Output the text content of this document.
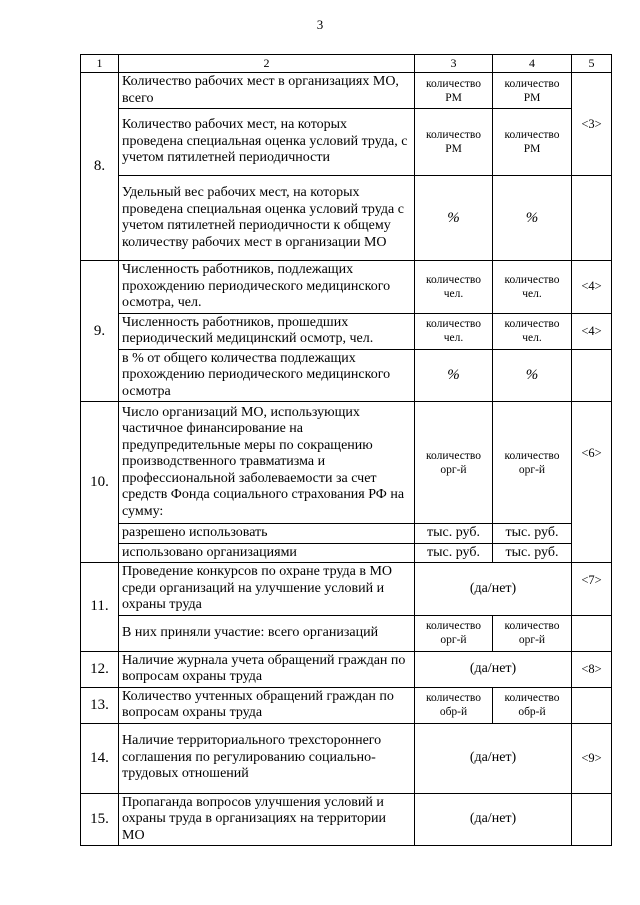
3
1	2	3	4	5
8.	Количество рабочих мест в организациях МО, всего	количество РМ	количество РМ	<3>
	Количество рабочих мест, на которых проведена специальная оценка условий труда, с учетом пятилетней периодичности	количество РМ	количество РМ	
	Удельный вес рабочих мест, на которых проведена специальная оценка условий труда с учетом пятилетней периодичности к общему количеству рабочих мест в организации МО	%	%	
9.	Численность работников, подлежащих прохождению периодического медицинского осмотра, чел.	количество чел.	количество чел.	<4>
	Численность работников, прошедших периодический медицинский осмотр, чел.	количество чел.	количество чел.	<4>
	в % от общего количества подлежащих прохождению периодического медицинского осмотра	%	%	
10.	Число организаций МО, использующих частичное финансирование на предупредительные меры по сокращению производственного травматизма и профессиональной заболеваемости за счет средств Фонда социального страхования РФ на сумму:	количество орг-й	количество орг-й	<6>
	разрешено использовать	тыс. руб.	тыс. руб.	
	использовано организациями	тыс. руб.	тыс. руб.	
11.	Проведение конкурсов по охране труда в МО среди организаций на улучшение условий и охраны труда	(да/нет)		<7>
	В них приняли участие: всего организаций	количество орг-й	количество орг-й	
12.	Наличие журнала учета обращений граждан по вопросам охраны труда	(да/нет)		<8>
13.	Количество учтенных обращений граждан по вопросам охраны труда	количество обр-й	количество обр-й	
14.	Наличие территориального трехстороннего соглашения по регулированию социально-трудовых отношений	(да/нет)		<9>
15.	Пропаганда вопросов улучшения условий и охраны труда в организациях на территории МО	(да/нет)		
